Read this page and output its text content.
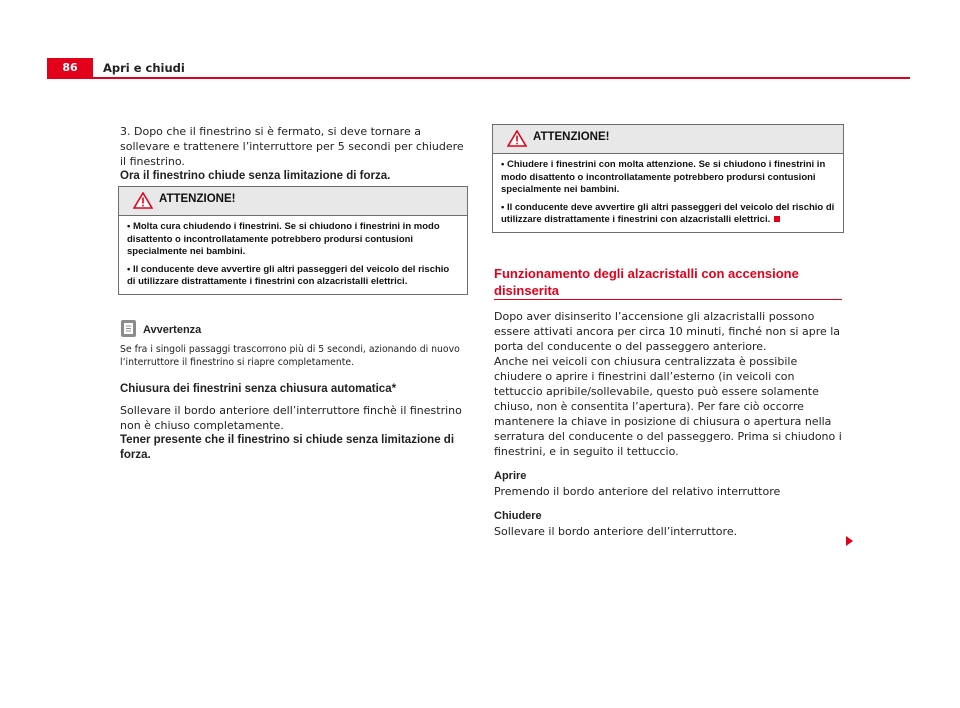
86	Apri e chiudi

3. Dopo che il finestrino si è fermato, si deve tornare a sollevare e trattenere l’interruttore per 5 secondi per chiudere il finestrino.

Ora il finestrino chiude senza limitazione di forza.

ATTENZIONE!

• Molta cura chiudendo i finestrini. Se si chiudono i finestrini in modo disattento o incontrollatamente potrebbero prodursi contusioni specialmente nei bambini.

• Il conducente deve avvertire gli altri passeggeri del veicolo del rischio di utilizzare distrattamente i finestrini con alzacristalli elettrici.

Avvertenza
Se fra i singoli passaggi trascorrono più di 5 secondi, azionando di nuovo l’interruttore il finestrino si riapre completamente.

Chiusura dei finestrini senza chiusura automatica*

Sollevare il bordo anteriore dell’interruttore finchè il finestrino non è chiuso completamente.

Tener presente che il finestrino si chiude senza limitazione di forza.

ATTENZIONE!

• Chiudere i finestrini con molta attenzione. Se si chiudono i finestrini in modo disattento o incontrollatamente potrebbero prodursi contusioni specialmente nei bambini.

• Il conducente deve avvertire gli altri passeggeri del veicolo del rischio di utilizzare distrattamente i finestrini con alzacristalli elettrici.

Funzionamento degli alzacristalli con accensione disinserita

Dopo aver disinserito l’accensione gli alzacristalli possono essere attivati ancora per circa 10 minuti, finché non si apre la porta del conducente o del passeggero anteriore.

Anche nei veicoli con chiusura centralizzata è possibile chiudere o aprire i finestrini dall’esterno (in veicoli con tettuccio apribile/sollevabile, questo può essere solamente chiuso, non è consentita l’apertura). Per fare ciò occorre mantenere la chiave in posizione di chiusura o apertura nella serratura del conducente o del passeggero. Prima si chiudono i finestrini, e in seguito il tettuccio.

Aprire

Premendo il bordo anteriore del relativo interruttore

Chiudere

Sollevare il bordo anteriore dell’interruttore.
